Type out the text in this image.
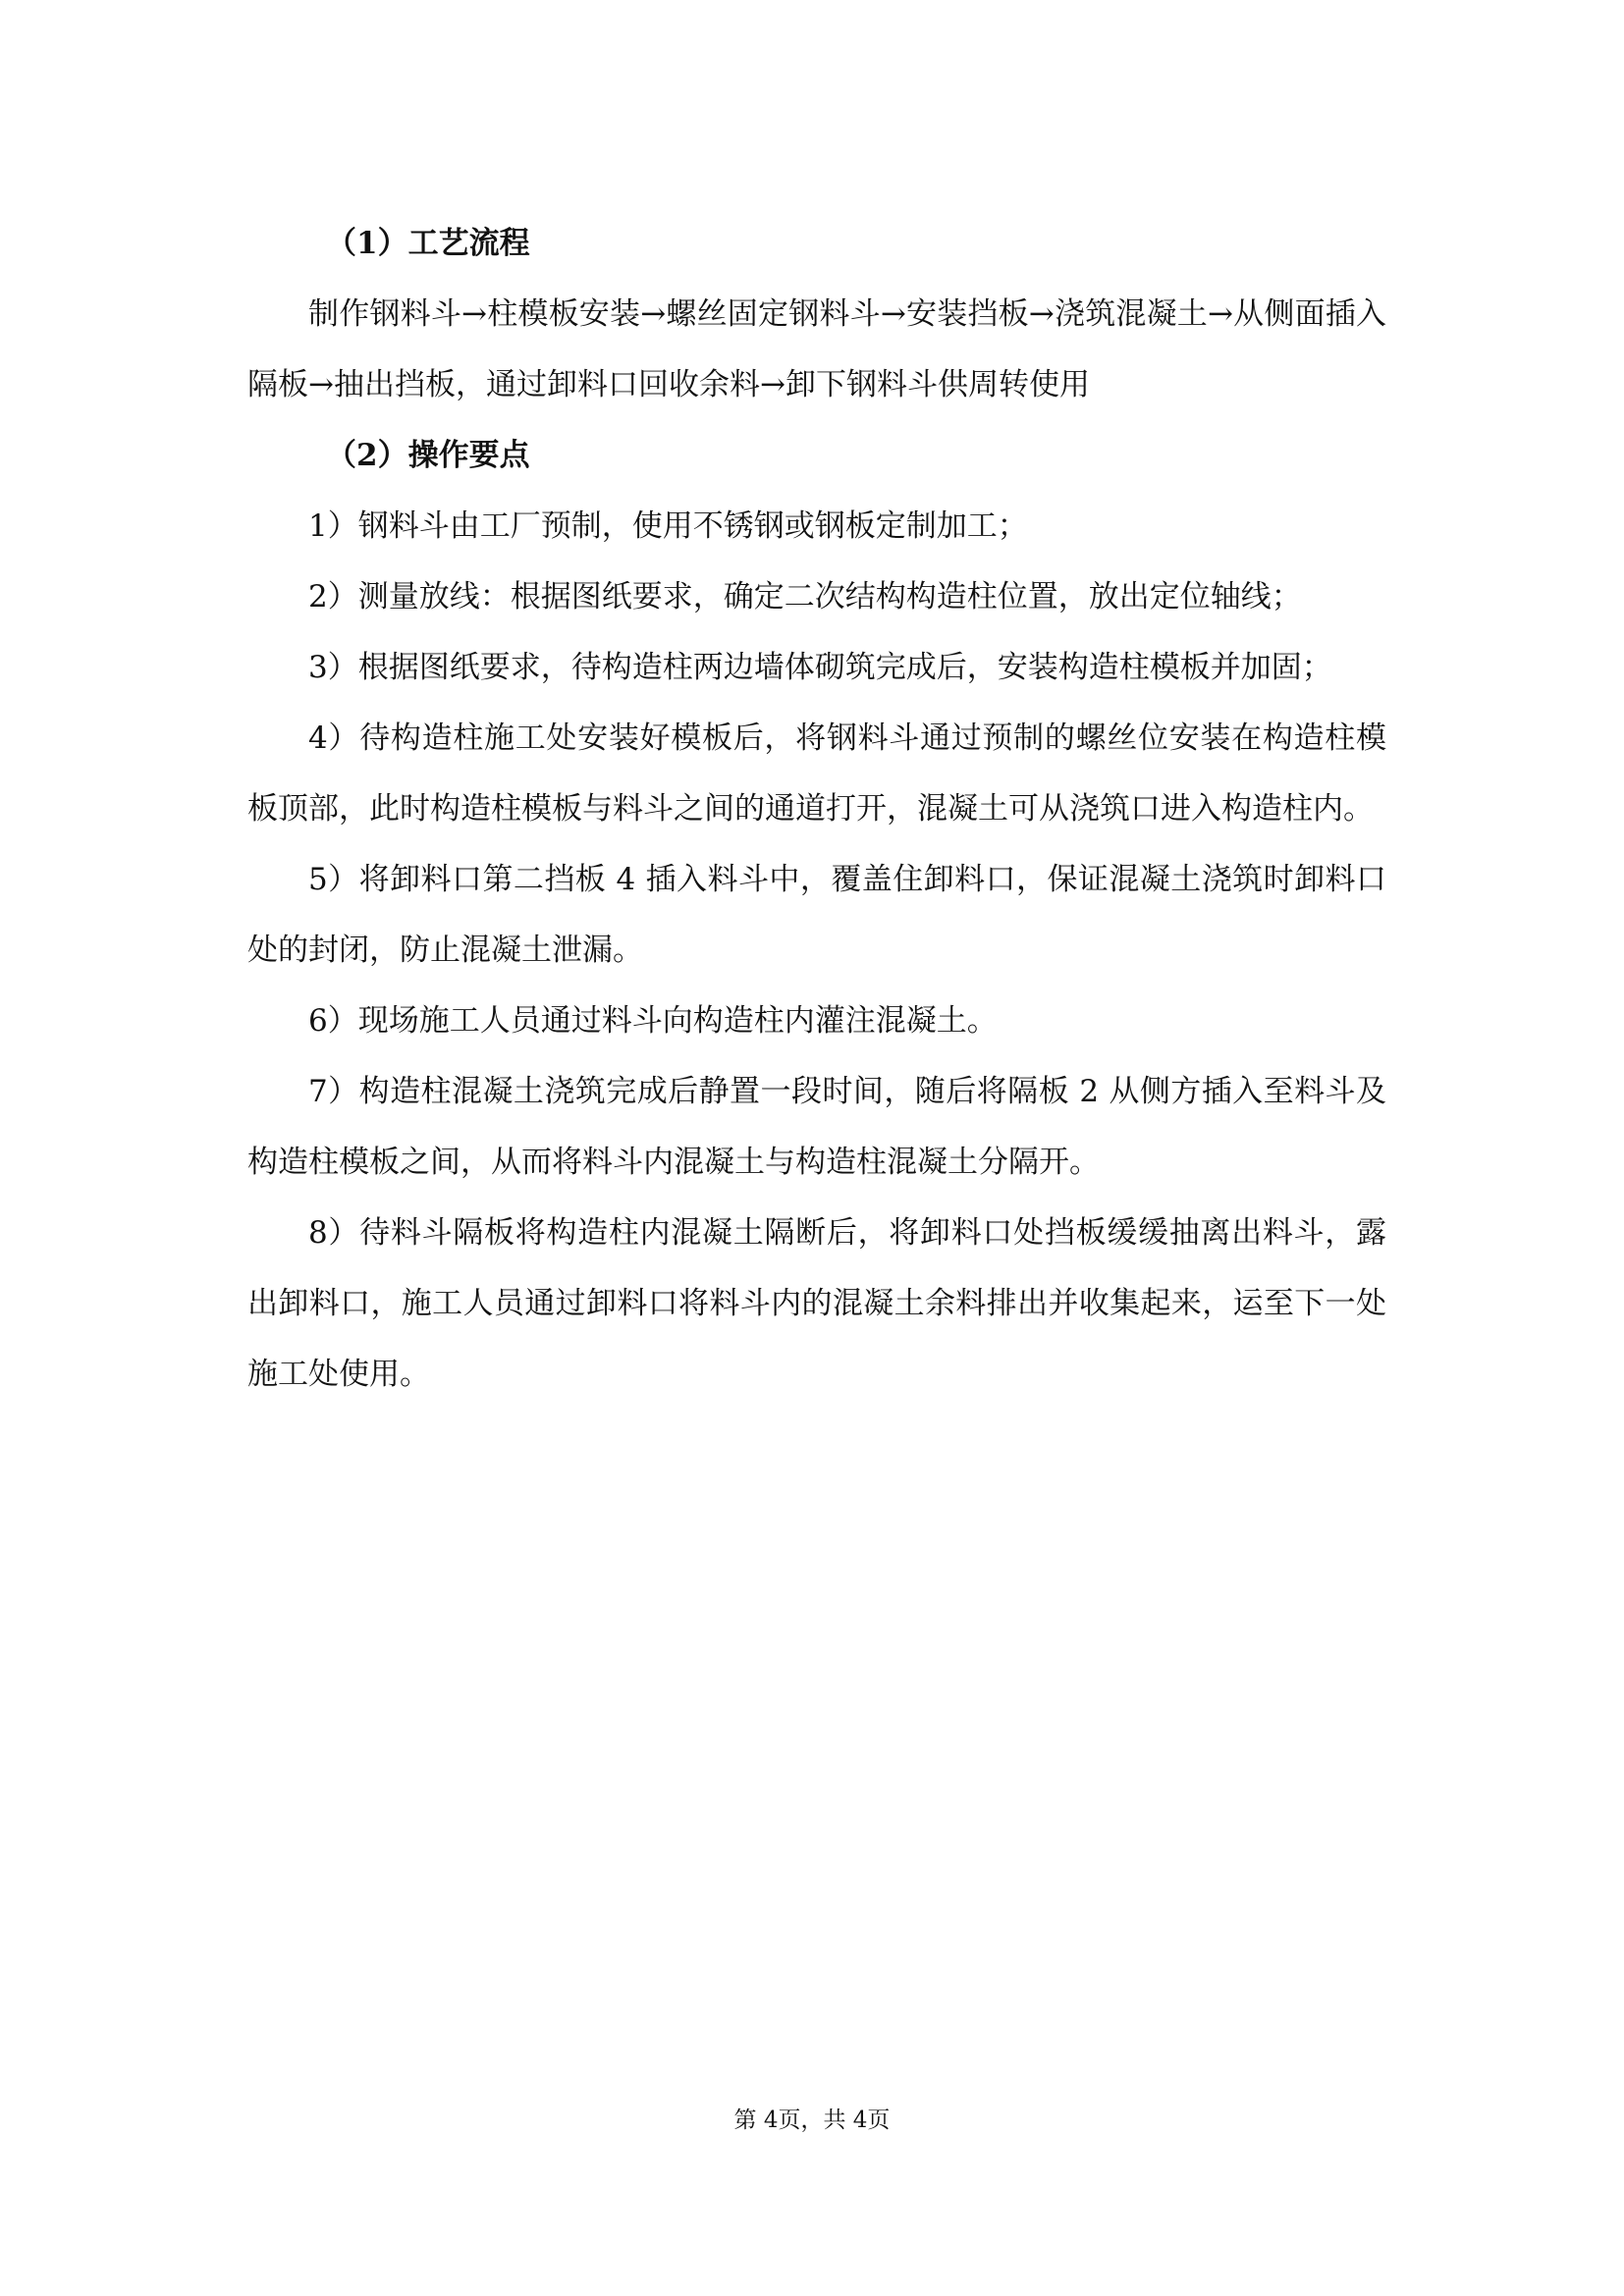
（1）工艺流程

制作钢料斗→柱模板安装→螺丝固定钢料斗→安装挡板→浇筑混凝土→从侧面插入隔板→抽出挡板，通过卸料口回收余料→卸下钢料斗供周转使用

（2）操作要点

1）钢料斗由工厂预制，使用不锈钢或钢板定制加工；

2）测量放线：根据图纸要求，确定二次结构构造柱位置，放出定位轴线；

3）根据图纸要求，待构造柱两边墙体砌筑完成后，安装构造柱模板并加固；

4）待构造柱施工处安装好模板后，将钢料斗通过预制的螺丝位安装在构造柱模板顶部，此时构造柱模板与料斗之间的通道打开，混凝土可从浇筑口进入构造柱内。

5）将卸料口第二挡板 4 插入料斗中，覆盖住卸料口，保证混凝土浇筑时卸料口处的封闭，防止混凝土泄漏。

6）现场施工人员通过料斗向构造柱内灌注混凝土。

7）构造柱混凝土浇筑完成后静置一段时间，随后将隔板 2 从侧方插入至料斗及构造柱模板之间，从而将料斗内混凝土与构造柱混凝土分隔开。

8）待料斗隔板将构造柱内混凝土隔断后，将卸料口处挡板缓缓抽离出料斗，露出卸料口，施工人员通过卸料口将料斗内的混凝土余料排出并收集起来，运至下一处施工处使用。

第 4页，共 4页
